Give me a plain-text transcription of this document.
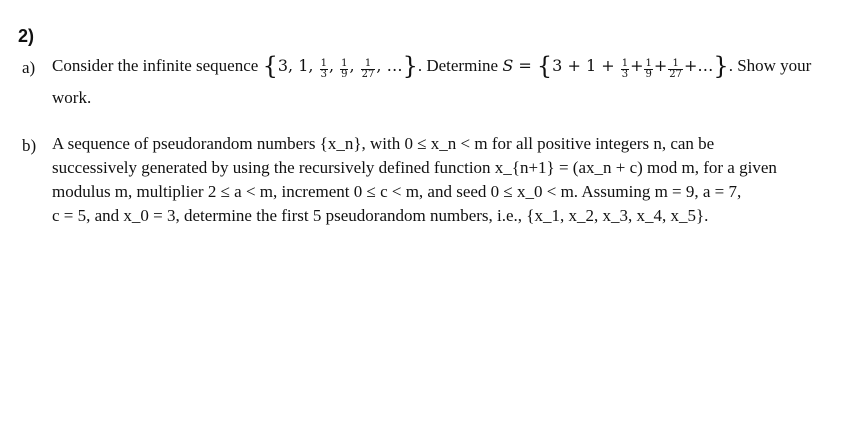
2)
a) Consider the infinite sequence {3, 1, $\frac{1}{3}$ , $\frac{1}{9}$ , $\frac{1}{27}$ , …}. Determine $S = \{3 + 1 + \frac{1}{3} + \frac{1}{9} + \frac{1}{27}$ +…}. Show your
work.
b) A sequence of pseudorandom numbers {x_n}, with 0 ≤ x_n < m for all positive integers n, can be
successively generated by using the recursively defined function x_{n+1} = (ax_n + c) mod m, for a given
modulus m, multiplier 2 ≤ a < m, increment 0 ≤ c < m, and seed 0 ≤ x_0 < m. Assuming m = 9, a = 7,
c = 5, and x_0 = 3, determine the first 5 pseudorandom numbers, i.e., {x_1, x_2, x_3, x_4, x_5}.
